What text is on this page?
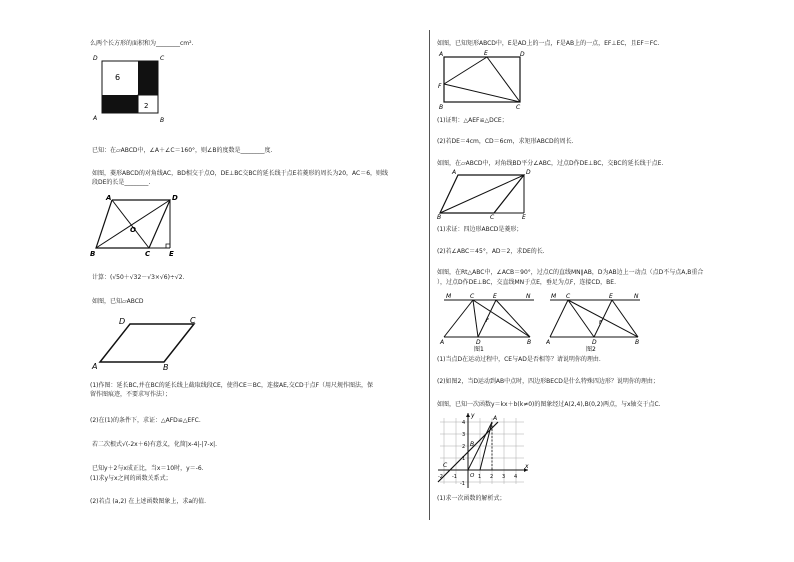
么两个长方形的面积和为________cm².
6
2
D	C
A	B
已知：在▱ABCD中，∠A＋∠C＝160°，则∠B的度数是________度.
如图，菱形ABCD的对角线AC，BD相交于点O，DE⊥BC交BC的延长线于点E若菱形的周长为20，AC＝6，则线
段DE的长是________.
A	D
O
B	C	E
计算：(√50＋√32－√3×√6)÷√2.
如图，已知▱ABCD
D	C
A	B
(1)作图：延长BC,并在BC的延长线上截取线段CE，使得CE＝BC，连接AE,交CD于点F（用尺规作图法，保
留作图痕迹，不要求写作法）；
(2)在(1)的条件下，求证：△AFD≌△EFC.
若二次根式√(-2x＋6)有意义，化简|x-4|-|7-x|.
已知y＋2与x成正比，当x＝10时，y＝-6.
(1)求y与x之间的函数关系式；
(2)若点 (a,2) 在上述函数图象上，求a的值.
如图，已知矩形ABCD中，E是AD上的一点，F是AB上的一点，EF⊥EC，且EF＝FC.
A	E	D
F
B	C
(1)证明：△AEF≌△DCE；
(2)若DE＝4cm，CD＝6cm，求矩形ABCD的周长.
如图，在▱ABCD中，对角线BD平分∠ABC，过点D作DE⊥BC，交BC的延长线于点E.
A	D
B	C	E
(1)求证：四边形ABCD是菱形；
(2)若∠ABC＝45°，AD＝2，求DE的长.
如图，在Rt△ABC中，∠ACB＝90°，过点C的直线MN∥AB，D为AB边上一动点（点D不与点A,B重合
），过点D作DE⊥BC，交直线MN于点E，垂足为点F，连接CD，BE.
M	C	E	N
A	D	B
F
图1
M C	E	N
A	D	B
F
图2
(1)当点D在运动过程中，CE与AD是否相等？请说明你的理由.
(2)如图2，当D运动到AB中点时，四边形BECD是什么特殊四边形？说明你的理由；
如图，已知一次函数y＝kx＋b(k≠0)的图象经过A(2,4),B(0,2)两点，与x轴交于点C.
A
B
C
O
x
y
-2 -1	1 2 3 4
4
3
2
1
-1
(1)求一次函数的解析式；
